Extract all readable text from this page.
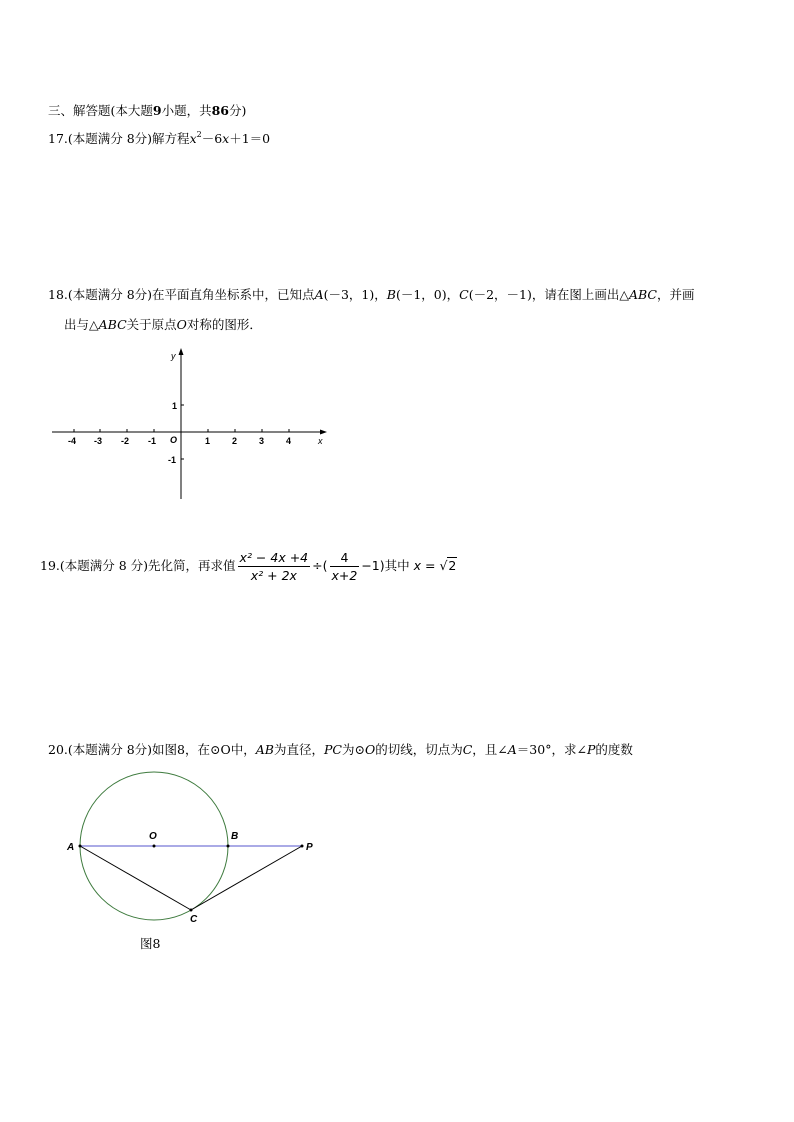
三、解答题(本大题9小题，共86分)
17.(本题满分 8分)解方程$x^2-6x+1=0$
18.(本题满分 8分)在平面直角坐标系中，已知点A(－3，1)，B(－1，0)，C(－2，－1)，请在图上画出△ABC，并画
出与△ABC关于原点O对称的图形．
y
x
O
-4 -3 -2 -1	1 2 3 4
1
-1
A
O	B
P
C
19.(本题满分 8 分)先化简，再求值 $\frac{\text{x² − 4x +4}}{\text{x² + 2x}}$ ÷( $\frac{4}{x+2} -1$)其中 x = √2
20.(本题满分 8分)如图8，在⊙O中，AB为直径，PC为⊙O的切线，切点为C，且∠A＝30°，求∠P的度数
图8
